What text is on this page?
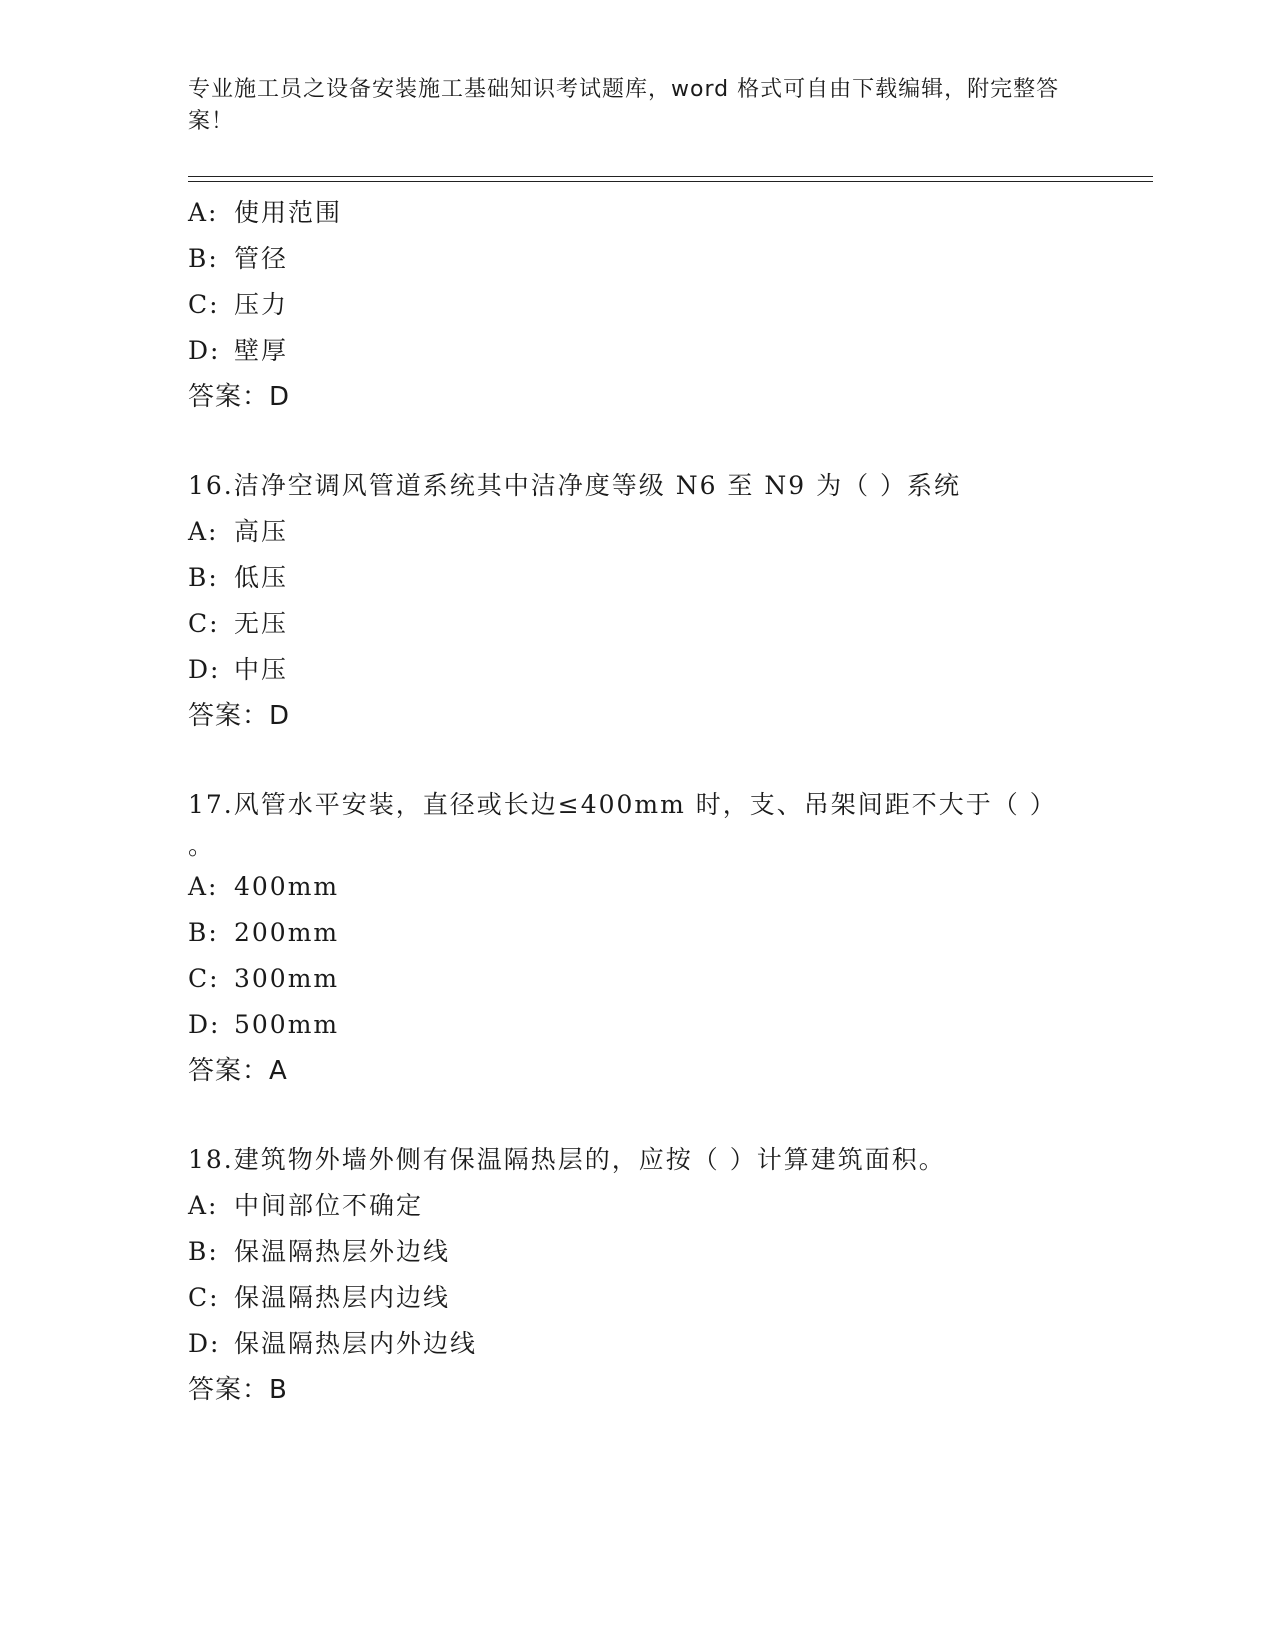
专业施工员之设备安装施工基础知识考试题库，word 格式可自由下载编辑，附完整答案！
A: 使用范围
B: 管径
C: 压力
D: 壁厚
答案：D
16.洁净空调风管道系统其中洁净度等级 N6 至 N9 为（ ）系统
A: 高压
B: 低压
C: 无压
D: 中压
答案：D
17.风管水平安装，直径或长边≤400mm 时，支、吊架间距不大于（ ）
。
A: 400mm
B: 200mm
C: 300mm
D: 500mm
答案：A
18.建筑物外墙外侧有保温隔热层的，应按（ ）计算建筑面积。
A: 中间部位不确定
B: 保温隔热层外边线
C: 保温隔热层内边线
D: 保温隔热层内外边线
答案：B
